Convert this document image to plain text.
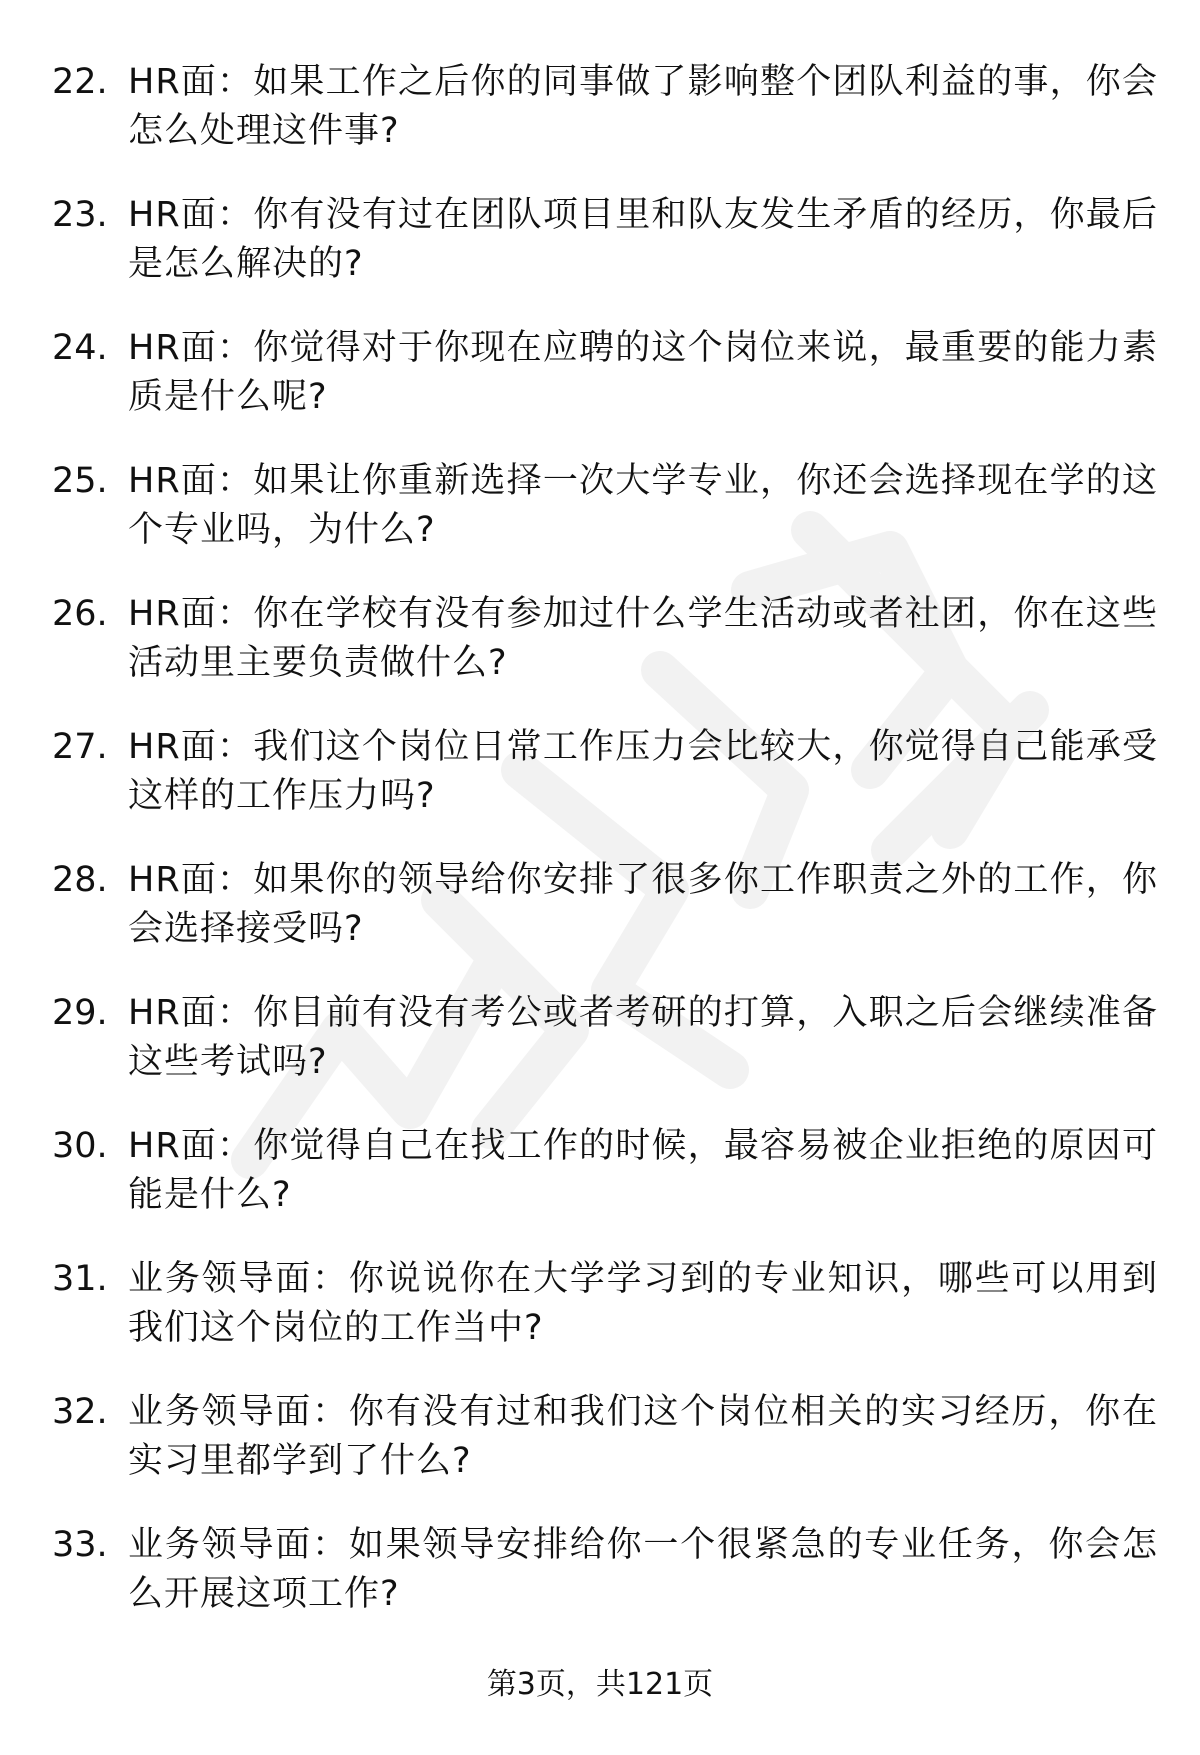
22. HR面：如果工作之后你的同事做了影响整个团队利益的事，你会怎么处理这件事?
23. HR面：你有没有过在团队项目里和队友发生矛盾的经历，你最后是怎么解决的?
24. HR面：你觉得对于你现在应聘的这个岗位来说，最重要的能力素质是什么呢?
25. HR面：如果让你重新选择一次大学专业，你还会选择现在学的这个专业吗，为什么?
26. HR面：你在学校有没有参加过什么学生活动或者社团，你在这些活动里主要负责做什么?
27. HR面：我们这个岗位日常工作压力会比较大，你觉得自己能承受这样的工作压力吗?
28. HR面：如果你的领导给你安排了很多你工作职责之外的工作，你会选择接受吗?
29. HR面：你目前有没有考公或者考研的打算，入职之后会继续准备这些考试吗?
30. HR面：你觉得自己在找工作的时候，最容易被企业拒绝的原因可能是什么?
31. 业务领导面：你说说你在大学学习到的专业知识，哪些可以用到我们这个岗位的工作当中?
32. 业务领导面：你有没有过和我们这个岗位相关的实习经历，你在实习里都学到了什么?
33. 业务领导面：如果领导安排给你一个很紧急的专业任务，你会怎么开展这项工作?
第3页，共121页
